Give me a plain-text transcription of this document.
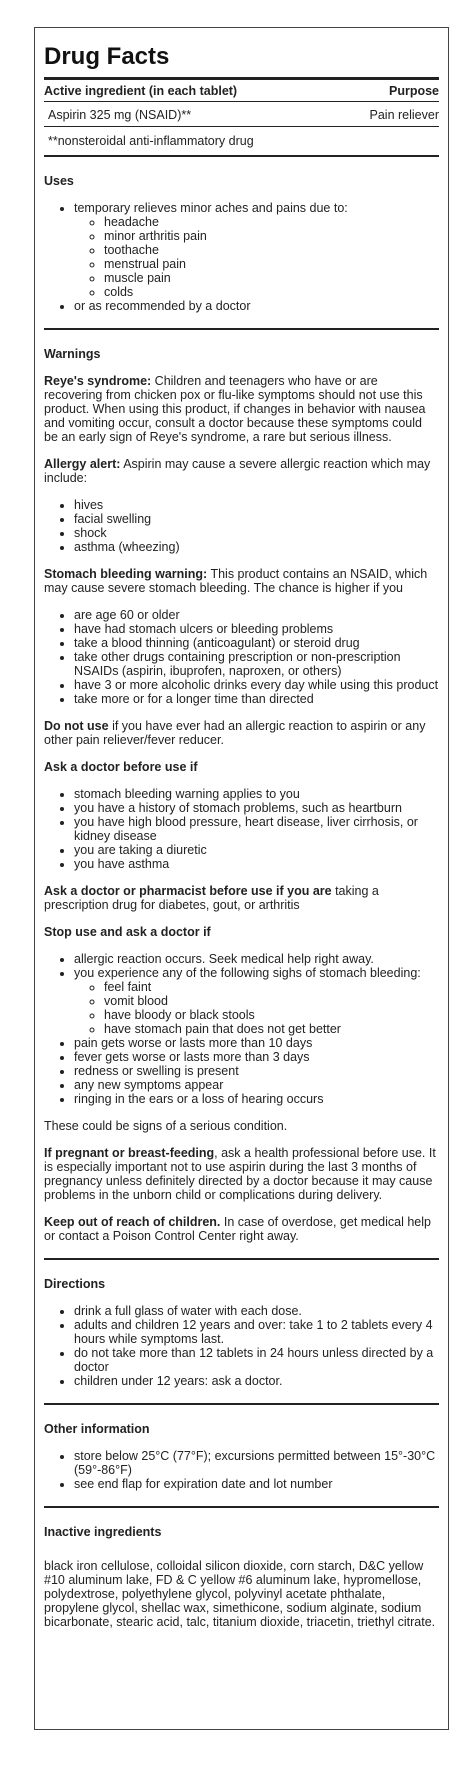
Drug Facts
Active ingredient (in each tablet)	Purpose
Aspirin 325 mg (NSAID)**	Pain reliever
**nonsteroidal anti-inflammatory drug
Uses
• temporary relieves minor aches and pains due to:
◦ headache
◦ minor arthritis pain
◦ toothache
◦ menstrual pain
◦ muscle pain
◦ colds
• or as recommended by a doctor
Warnings
Reye's syndrome: Children and teenagers who have or are recovering from chicken pox or flu-like symptoms should not use this product. When using this product, if changes in behavior with nausea and vomiting occur, consult a doctor because these symptoms could be an early sign of Reye's syndrome, a rare but serious illness.
Allergy alert: Aspirin may cause a severe allergic reaction which may include:
• hives
• facial swelling
• shock
• asthma (wheezing)
Stomach bleeding warning: This product contains an NSAID, which may cause severe stomach bleeding. The chance is higher if you
• are age 60 or older
• have had stomach ulcers or bleeding problems
• take a blood thinning (anticoagulant) or steroid drug
• take other drugs containing prescription or non-prescription NSAIDs (aspirin, ibuprofen, naproxen, or others)
• have 3 or more alcoholic drinks every day while using this product
• take more or for a longer time than directed
Do not use if you have ever had an allergic reaction to aspirin or any other pain reliever/fever reducer.
Ask a doctor before use if
• stomach bleeding warning applies to you
• you have a history of stomach problems, such as heartburn
• you have high blood pressure, heart disease, liver cirrhosis, or kidney disease
• you are taking a diuretic
• you have asthma
Ask a doctor or pharmacist before use if you are taking a prescription drug for diabetes, gout, or arthritis
Stop use and ask a doctor if
• allergic reaction occurs. Seek medical help right away.
• you experience any of the following sighs of stomach bleeding:
◦ feel faint
◦ vomit blood
◦ have bloody or black stools
◦ have stomach pain that does not get better
• pain gets worse or lasts more than 10 days
• fever gets worse or lasts more than 3 days
• redness or swelling is present
• any new symptoms appear
• ringing in the ears or a loss of hearing occurs
These could be signs of a serious condition.
If pregnant or breast-feeding, ask a health professional before use. It is especially important not to use aspirin during the last 3 months of pregnancy unless definitely directed by a doctor because it may cause problems in the unborn child or complications during delivery.
Keep out of reach of children. In case of overdose, get medical help or contact a Poison Control Center right away.
Directions
• drink a full glass of water with each dose.
• adults and children 12 years and over: take 1 to 2 tablets every 4 hours while symptoms last.
• do not take more than 12 tablets in 24 hours unless directed by a doctor
• children under 12 years: ask a doctor.
Other information
• store below 25°C (77°F); excursions permitted between 15°-30°C (59°-86°F)
• see end flap for expiration date and lot number
Inactive ingredients
black iron cellulose, colloidal silicon dioxide, corn starch, D&C yellow #10 aluminum lake, FD & C yellow #6 aluminum lake, hypromellose, polydextrose, polyethylene glycol, polyvinyl acetate phthalate, propylene glycol, shellac wax, simethicone, sodium alginate, sodium bicarbonate, stearic acid, talc, titanium dioxide, triacetin, triethyl citrate.
